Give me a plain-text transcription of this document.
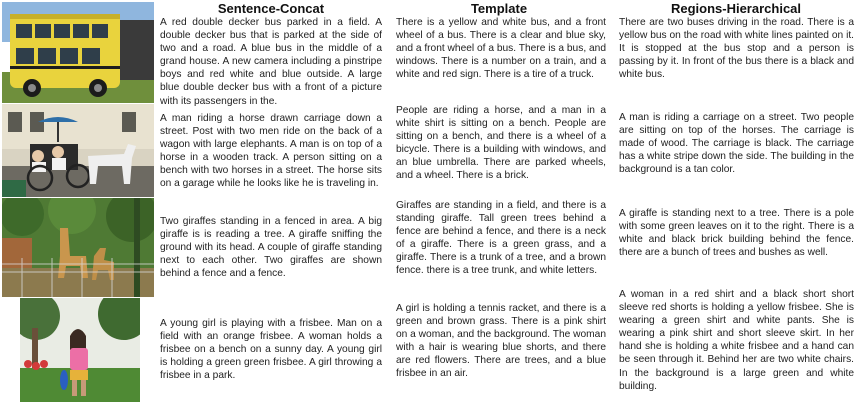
Sentence-Concat	Template	Regions-Hierarchical
A red double decker bus parked in a field. A double decker bus that is parked at the side of two and a road. A blue bus in the middle of a grand house. A new camera including a pinstripe boys and red white and blue outside. A large blue double decker bus with a front of a picture with its passengers in the.
There is a yellow and white bus, and a front wheel of a bus. There is a clear and blue sky, and a front wheel of a bus. There is a bus, and windows. There is a number on a train, and a white and red sign. There is a tire of a truck.
There are two buses driving in the road. There is a yellow bus on the road with white lines painted on it. It is stopped at the bus stop and a person is passing by it. In front of the bus there is a black and white bus.
A man riding a horse drawn carriage down a street. Post with two men ride on the back of a wagon with large elephants. A man is on top of a horse in a wooden track. A person sitting on a bench with two horses in a street. The horse sits on a garage while he looks like he is traveling in.
People are riding a horse, and a man in a white shirt is sitting on a bench. People are sitting on a bench, and there is a wheel of a bicycle. There is a building with windows, and an blue umbrella. There are parked wheels, and a wheel. There is a brick.
A man is riding a carriage on a street. Two people are sitting on top of the horses. The carriage is made of wood. The carriage is black. The carriage has a white stripe down the side. The building in the background is a tan color.
Two giraffes standing in a fenced in area. A big giraffe is is reading a tree. A giraffe sniffing the ground with its head. A couple of giraffe standing next to each other. Two giraffes are shown behind a fence and a fence.
Giraffes are standing in a field, and there is a standing giraffe. Tall green trees behind a fence are behind a fence, and there is a neck of a giraffe. There is a green grass, and a giraffe. There is a trunk of a tree, and a brown fence. there is a tree trunk, and white letters.
A giraffe is standing next to a tree. There is a pole with some green leaves on it to the right. There is a white and black brick building behind the fence. there are a bunch of trees and bushes as well.
A young girl is playing with a frisbee. Man on a field with an orange frisbee. A woman holds a frisbee on a bench on a sunny day. A young girl is holding a green green frisbee. A girl throwing a frisbee in a park.
A girl is holding a tennis racket, and there is a green and brown grass. There is a pink shirt on a woman, and the background. The woman with a hair is wearing blue shorts, and there are red flowers. There are trees, and a blue frisbee in an air.
A woman in a red shirt and a black short short sleeve red shorts is holding a yellow frisbee. She is wearing a green shirt and white pants. She is wearing a pink shirt and short sleeve skirt. In her hand she is holding a white frisbee and a hand can be seen through it. Behind her are two white chairs. In the background is a large green and white building.
